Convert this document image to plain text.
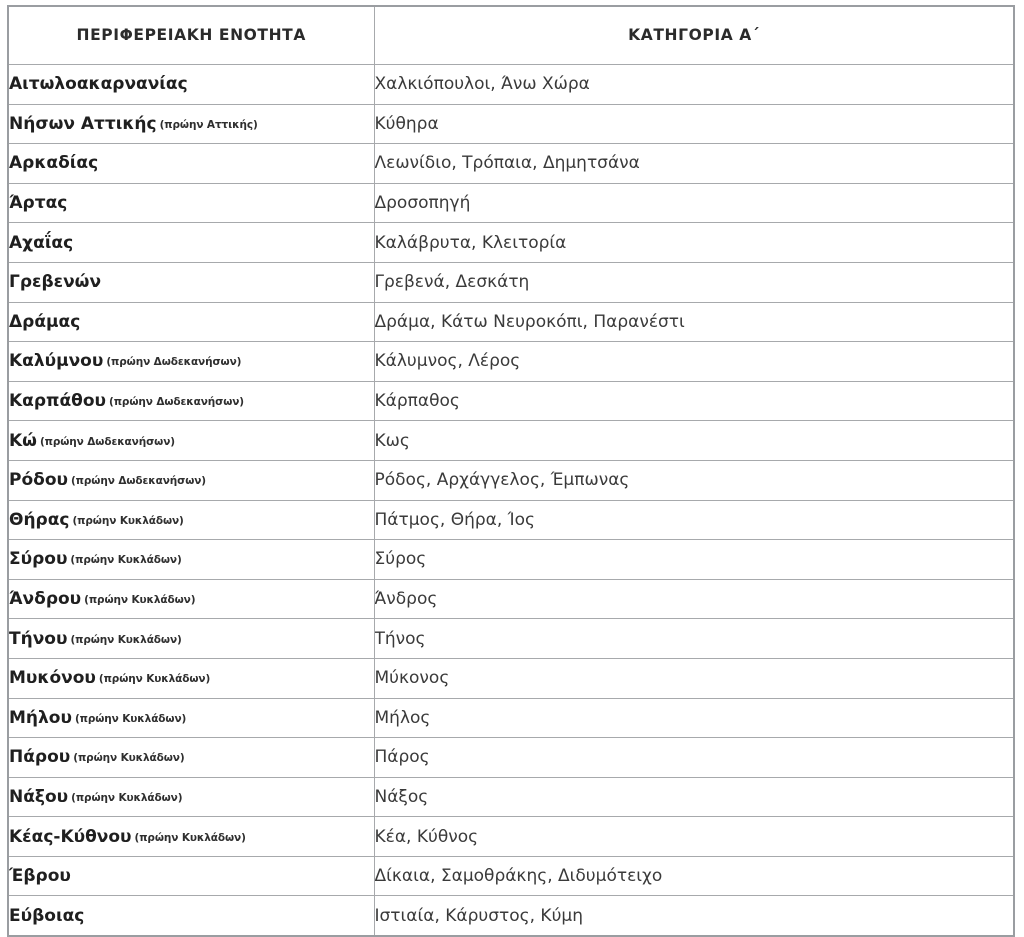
ΠΕΡΙΦΕΡΕΙΑΚΗ ΕΝΟΤΗΤΑ	ΚΑΤΗΓΟΡΙΑ Α΄

Αιτωλοακαρνανίας	Χαλκιόπουλοι, Άνω Χώρα
Νήσων Αττικής (πρώην Αττικής)	Κύθηρα
Αρκαδίας	Λεωνίδιο, Τρόπαια, Δημητσάνα
Άρτας	Δροσοπηγή
Αχαΐας	Καλάβρυτα, Κλειτορία
Γρεβενών	Γρεβενά, Δεσκάτη
Δράμας	Δράμα, Κάτω Νευροκόπι, Παρανέστι
Καλύμνου (πρώην Δωδεκανήσων)	Κάλυμνος, Λέρος
Καρπάθου (πρώην Δωδεκανήσων)	Κάρπαθος
Κώ (πρώην Δωδεκανήσων)	Κως
Ρόδου (πρώην Δωδεκανήσων)	Ρόδος, Αρχάγγελος, Έμπωνας
Θήρας (πρώην Κυκλάδων)	Πάτμος, Θήρα, Ίος
Σύρου (πρώην Κυκλάδων)	Σύρος
Άνδρου (πρώην Κυκλάδων)	Άνδρος
Τήνου (πρώην Κυκλάδων)	Τήνος
Μυκόνου (πρώην Κυκλάδων)	Μύκονος
Μήλου (πρώην Κυκλάδων)	Μήλος
Πάρου (πρώην Κυκλάδων)	Πάρος
Νάξου (πρώην Κυκλάδων)	Νάξος
Κέας-Κύθνου (πρώην Κυκλάδων)	Κέα, Κύθνος
Έβρου	Δίκαια, Σαμοθράκης, Διδυμότειχο
Εύβοιας	Ιστιαία, Κάρυστος, Κύμη
